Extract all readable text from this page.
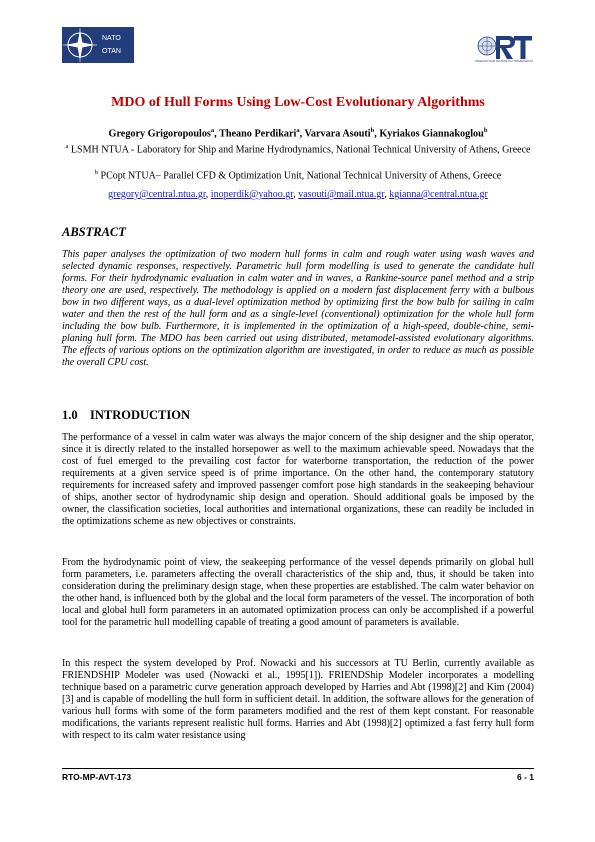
NATO
OTAN
RESEARCH AND TECHNOLOGY ORGANISATION
MDO of Hull Forms Using Low-Cost Evolutionary Algorithms
Gregory Grigoropoulos$^a$, Theano Perdikari$^a$, Varvara Asouti$^b$, Kyriakos Giannakoglou$^b$
$^a$ LSMH NTUA - Laboratory for Ship and Marine Hydrodynamics, National Technical University of Athens, Greece
$^b$ PCopt NTUA– Parallel CFD & Optimization Unit, National Technical University of Athens, Greece
gregory@central.ntua.gr, inoperdik@yahoo.gr, vasouti@mail.ntua.gr, kgianna@central.ntua.gr
ABSTRACT
This paper analyses the optimization of two modern hull forms in calm and rough water using wash waves and selected dynamic responses, respectively. Parametric hull form modelling is used to generate the candidate hull forms. For their hydrodynamic evaluation in calm water and in waves, a Rankine-source panel method and a strip theory one are used, respectively. The methodology is applied on a modern fast displacement ferry with a bulbous bow in two different ways, as a dual-level optimization method by optimizing first the bow bulb for sailing in calm water and then the rest of the hull form and as a single-level (conventional) optimization for the whole hull form including the bow bulb. Furthermore, it is implemented in the optimization of a high-speed, double-chine, semi-planing hull form. The MDO has been carried out using distributed, metamodel-assisted evolutionary algorithms. The effects of various options on the optimization algorithm are investigated, in order to reduce as much as possible the overall CPU cost.
1.0 INTRODUCTION
The performance of a vessel in calm water was always the major concern of the ship designer and the ship operator, since it is directly related to the installed horsepower as well to the maximum achievable speed. Nowadays that the cost of fuel emerged to the prevailing cost factor for waterborne transportation, the reduction of the power requirements at a given service speed is of prime importance. On the other hand, the contemporary statutory requirements for increased safety and improved passenger comfort pose high standards in the seakeeping behaviour of ships, another sector of hydrodynamic ship design and operation. Should additional goals be imposed by the owner, the classification societies, local authorities and international organizations, these can readily be included in the optimizations scheme as new objectives or constraints.
From the hydrodynamic point of view, the seakeeping performance of the vessel depends primarily on global hull form parameters, i.e. parameters affecting the overall characteristics of the ship and, thus, it should be taken into consideration during the preliminary design stage, when these properties are established. The calm water behavior on the other hand, is influenced both by the global and the local form parameters of the vessel. The incorporation of both local and global hull form parameters in an automated optimization process can only be accomplished if a powerful tool for the parametric hull modelling capable of treating a good amount of parameters is available.
In this respect the system developed by Prof. Nowacki and his successors at TU Berlin, currently available as FRIENDSHIP Modeler was used (Nowacki et al., 1995[1]). FRIENDShip Modeler incorporates a modelling technique based on a parametric curve generation approach developed by Harries and Abt (1998)[2] and Kim (2004)[3] and is capable of modelling the hull form in sufficient detail. In addition, the software allows for the generation of various hull forms with some of the form parameters modified and the rest of them kept constant. For reasonable modifications, the variants represent realistic hull forms. Harries and Abt (1998)[2] optimized a fast ferry hull form with respect to its calm water resistance using
RTO-MP-AVT-173	6 - 1
